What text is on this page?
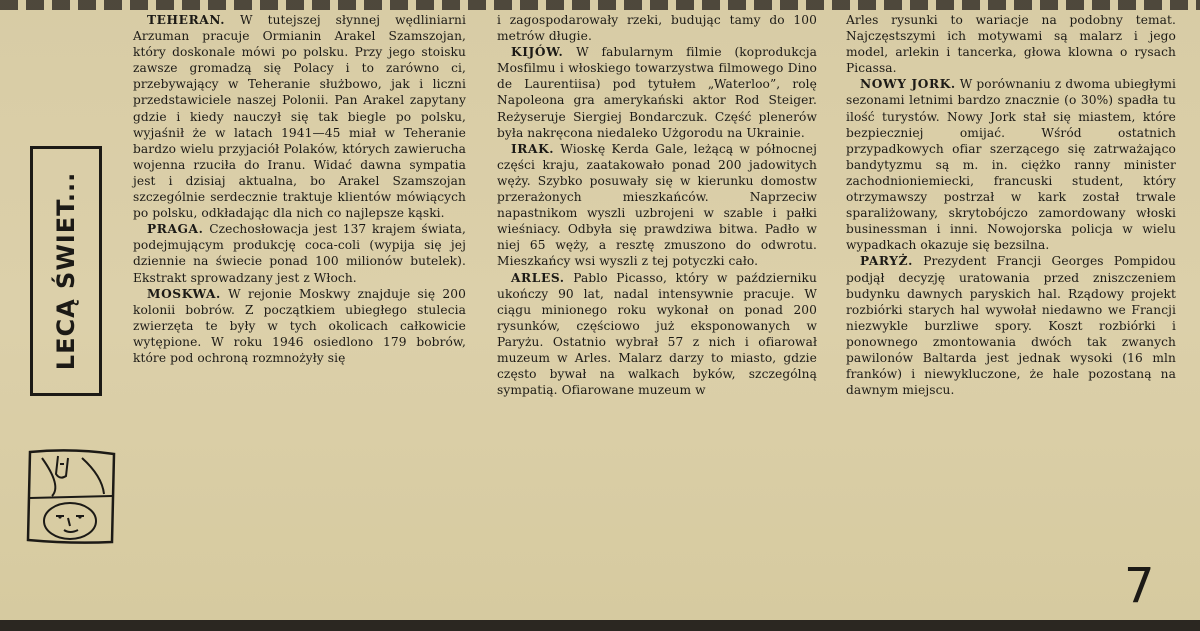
LECĄ ŚWIET...

TEHERAN. W tutejszej słynnej wędliniarni Arzuman pracuje Ormianin Arakel Szamszojan, który doskonale mówi po polsku. Przy jego stoisku zawsze gromadzą się Polacy i to zarówno ci, przebywający w Teheranie służbowo, jak i liczni przedstawiciele naszej Polonii. Pan Arakel zapytany gdzie i kiedy nauczył się tak biegle po polsku, wyjaśnił że w latach 1941—45 miał w Teheranie bardzo wielu przyjaciół Polaków, których zawierucha wojenna rzuciła do Iranu. Widać dawna sympatia jest i dzisiaj aktualna, bo Arakel Szamszojan szczególnie serdecznie traktuje klientów mówiących po polsku, odkładając dla nich co najlepsze kąski.

PRAGA. Czechosłowacja jest 137 krajem świata, podejmującym produkcję coca-coli (wypija się jej dziennie na świecie ponad 100 milionów butelek). Ekstrakt sprowadzany jest z Włoch.

MOSKWA. W rejonie Moskwy znajduje się 200 kolonii bobrów. Z początkiem ubiegłego stulecia zwierzęta te były w tych okolicach całkowicie wytępione. W roku 1946 osiedlono 179 bobrów, które pod ochroną rozmnożyły się

i zagospodarowały rzeki, budując tamy do 100 metrów długie.

KIJÓW. W fabularnym filmie (koprodukcja Mosfilmu i włoskiego towarzystwa filmowego Dino de Laurentiisa) pod tytułem „Waterloo”, rolę Napoleona gra amerykański aktor Rod Steiger. Reżyseruje Siergiej Bondarczuk. Część plenerów była nakręcona niedaleko Użgorodu na Ukrainie.

IRAK. Wioskę Kerda Gale, leżącą w północnej części kraju, zaatakowało ponad 200 jadowitych węży. Szybko posuwały się w kierunku domostw przerażonych mieszkańców. Naprzeciw napastnikom wyszli uzbrojeni w szable i pałki wieśniacy. Odbyła się prawdziwa bitwa. Padło w niej 65 węży, a resztę zmuszono do odwrotu. Mieszkańcy wsi wyszli z tej potyczki cało.

ARLES. Pablo Picasso, który w październiku ukończy 90 lat, nadal intensywnie pracuje. W ciągu minionego roku wykonał on ponad 200 rysunków, częściowo już eksponowanych w Paryżu. Ostatnio wybrał 57 z nich i ofiarował muzeum w Arles. Malarz darzy to miasto, gdzie często bywał na walkach byków, szczególną sympatią. Ofiarowane muzeum w

Arles rysunki to wariacje na podobny temat. Najczęstszymi ich motywami są malarz i jego model, arlekin i tancerka, głowa klowna o rysach Picassa.

NOWY JORK. W porównaniu z dwoma ubiegłymi sezonami letnimi bardzo znacznie (o 30%) spadła tu ilość turystów. Nowy Jork stał się miastem, które bezpieczniej omijać. Wśród ostatnich przypadkowych ofiar szerzącego się zatrważająco bandytyzmu są m. in. ciężko ranny minister zachodnioniemiecki, francuski student, który otrzymawszy postrzał w kark został trwale sparaliżowany, skrytobójczo zamordowany włoski businessman i inni. Nowojorska policja w wielu wypadkach okazuje się bezsilna.

PARYŻ. Prezydent Francji Georges Pompidou podjął decyzję uratowania przed zniszczeniem budynku dawnych paryskich hal. Rządowy projekt rozbiórki starych hal wywołał niedawno we Francji niezwykle burzliwe spory. Koszt rozbiórki i ponownego zmontowania dwóch tak zwanych pawilonów Baltarda jest jednak wysoki (16 mln franków) i niewykluczone, że hale pozostaną na dawnym miejscu.

7
